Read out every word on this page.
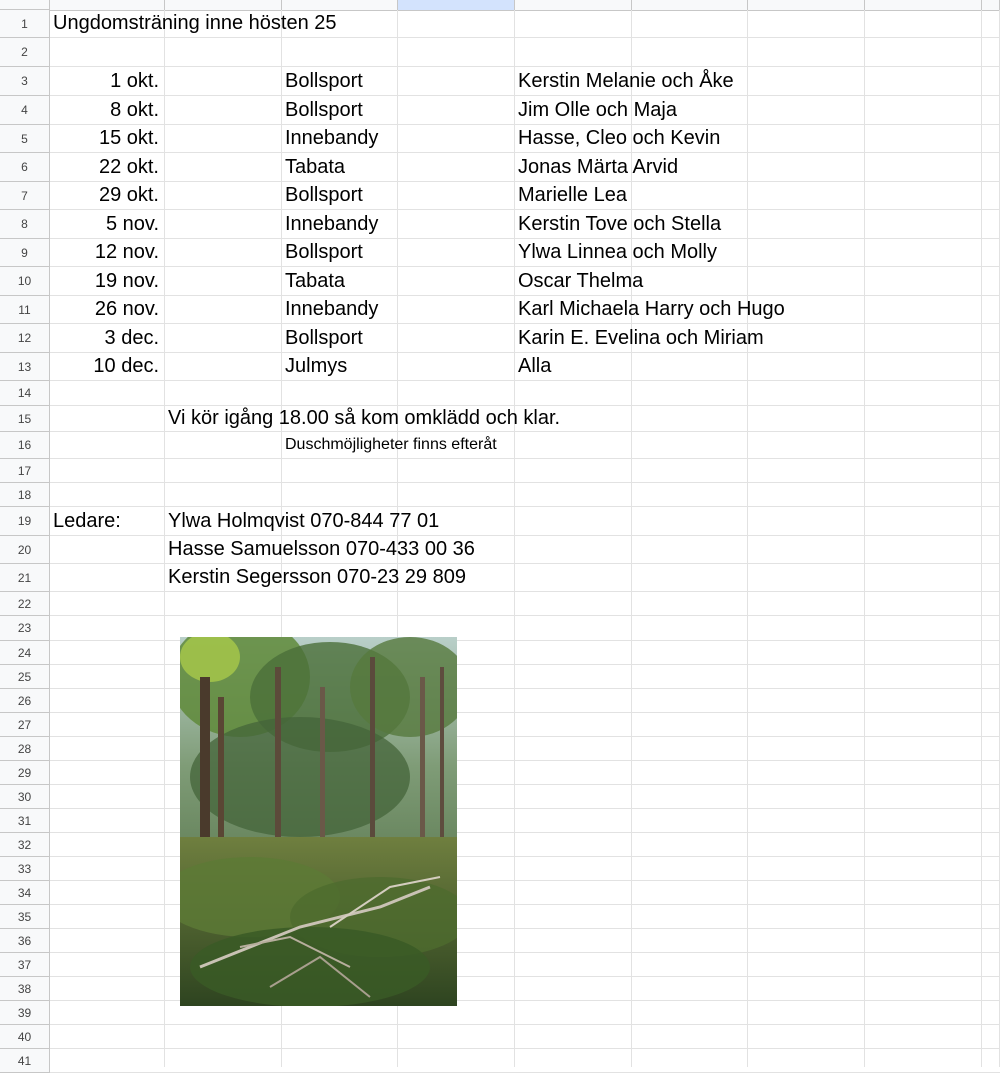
1
2
3
4
5
6
7
8
9
10
11
12
13
14
15
16
17
18
19
20
21
22
23
24
25
26
27
28
29
30
31
32
33
34
35
36
37
38
39
40
41
Ungdomsträning inne hösten 25
1 okt.	Bollsport	Kerstin Melanie och Åke
8 okt.	Bollsport	Jim Olle och Maja
15 okt.	Innebandy	Hasse, Cleo och Kevin
22 okt.	Tabata	Jonas Märta Arvid
29 okt.	Bollsport	Marielle Lea
5 nov.	Innebandy	Kerstin Tove och Stella
12 nov.	Bollsport	Ylwa Linnea och Molly
19 nov.	Tabata	Oscar Thelma
26 nov.	Innebandy	Karl Michaela Harry och Hugo
3 dec.	Bollsport	Karin E. Evelina och Miriam
10 dec.	Julmys	Alla
Vi kör igång 18.00 så kom omklädd och klar.
Duschmöjligheter finns efteråt
Ledare: Ylwa Holmqvist 070-844 77 01
Hasse Samuelsson 070-433 00 36
Kerstin Segersson 070-23 29 809
